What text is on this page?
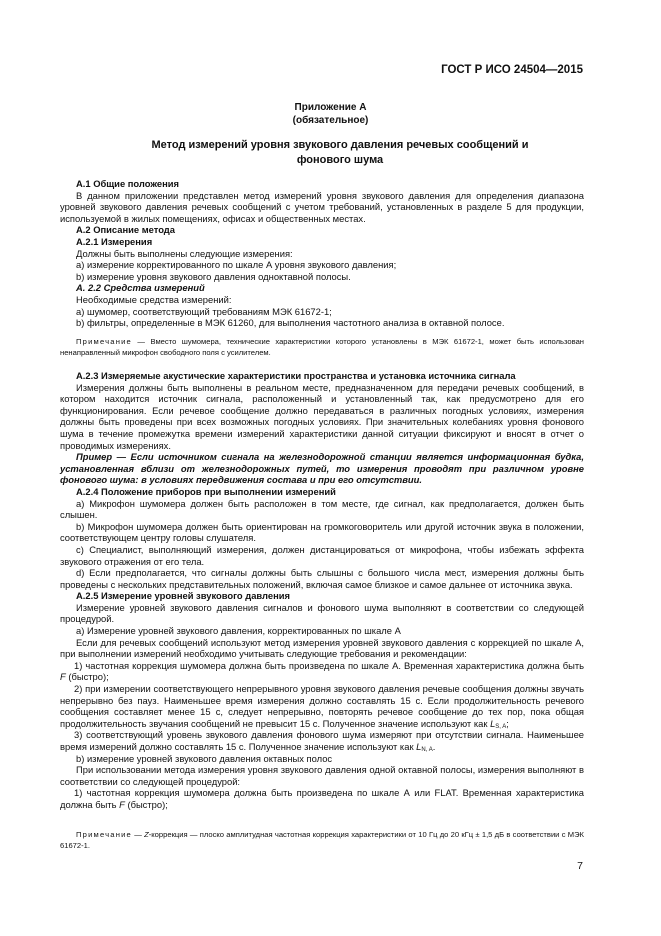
ГОСТ Р ИСО 24504—2015
Приложение А
(обязательное)
Метод измерений уровня звукового давления речевых сообщений и
фонового шума

А.1 Общие положения

В данном приложении представлен метод измерений уровня звукового давления для определения диапазона уровней звукового давления речевых сообщений с учетом требований, установленных в разделе 5 для продукции, используемой в жилых помещениях, офисах и общественных местах.

А.2 Описание метода

А.2.1 Измерения

Должны быть выполнены следующие измерения:

а) измерение корректированного по шкале А уровня звукового давления;

b) измерение уровня звукового давления одноктавной полосы.

А. 2.2 Средства измерений

Необходимые средства измерений:

а) шумомер, соответствующий требованиям МЭК 61672-1;

b) фильтры, определенные в МЭК 61260, для выполнения частотного анализа в октавной полосе.

Примечание — Вместо шумомера, технические характеристики которого установлены в МЭК 61672-1, может быть использован ненаправленный микрофон свободного поля с усилителем.

А.2.3 Измеряемые акустические характеристики пространства и установка источника сигнала

Измерения должны быть выполнены в реальном месте, предназначенном для передачи речевых сообщений, в котором находится источник сигнала, расположенный и установленный так, как предусмотрено для его функционирования. Если речевое сообщение должно передаваться в различных погодных условиях, измерения должны быть проведены при всех возможных погодных условиях. При значительных колебаниях уровня фонового шума в течение промежутка времени измерений характеристики данной ситуации фиксируют и вносят в отчет о проводимых измерениях.

Пример — Если источником сигнала на железнодорожной станции является информационная будка, установленная вблизи от железнодорожных путей, то измерения проводят при различном уровне фонового шума: в условиях передвижения состава и при его отсутствии.

А.2.4 Положение приборов при выполнении измерений

а) Микрофон шумомера должен быть расположен в том месте, где сигнал, как предполагается, должен быть слышен.

b) Микрофон шумомера должен быть ориентирован на громкоговоритель или другой источник звука в положении, соответствующем центру головы слушателя.

с) Специалист, выполняющий измерения, должен дистанцироваться от микрофона, чтобы избежать эффекта звукового отражения от его тела.

d) Если предполагается, что сигналы должны быть слышны с большого числа мест, измерения должны быть проведены с нескольких представительных положений, включая самое близкое и самое дальнее от источника звука.

А.2.5 Измерение уровней звукового давления

Измерение уровней звукового давления сигналов и фонового шума выполняют в соответствии со следующей процедурой.

а) Измерение уровней звукового давления, корректированных по шкале А

Если для речевых сообщений используют метод измерения уровней звукового давления с коррекцией по шкале А, при выполнении измерений необходимо учитывать следующие требования и рекомендации:

1) частотная коррекция шумомера должна быть произведена по шкале А. Временная характеристика должна быть F (быстро);

2) при измерении соответствующего непрерывного уровня звукового давления речевые сообщения должны звучать непрерывно без пауз. Наименьшее время измерения должно составлять 15 с. Если продолжительность речевого сообщения составляет менее 15 с, следует непрерывно, повторять речевое сообщение до тех пор, пока общая продолжительность звучания сообщений не превысит 15 с. Полученное значение используют как $L_{S, A}$;

3) соответствующий уровень звукового давления фонового шума измеряют при отсутствии сигнала. Наименьшее время измерений должно составлять 15 с. Полученное значение используют как $L_{N, A}$.

b) измерение уровней звукового давления октавных полос

При использовании метода измерения уровня звукового давления одной октавной полосы, измерения выполняют в соответствии со следующей процедурой:

1) частотная коррекция шумомера должна быть произведена по шкале А или FLAT. Временная характеристика должна быть F (быстро);

Примечание — Z-коррекция — плоско амплитудная частотная коррекция характеристики от 10 Гц до 20 кГц ± 1,5 дБ в соответствии с МЭК 61672-1.

7
